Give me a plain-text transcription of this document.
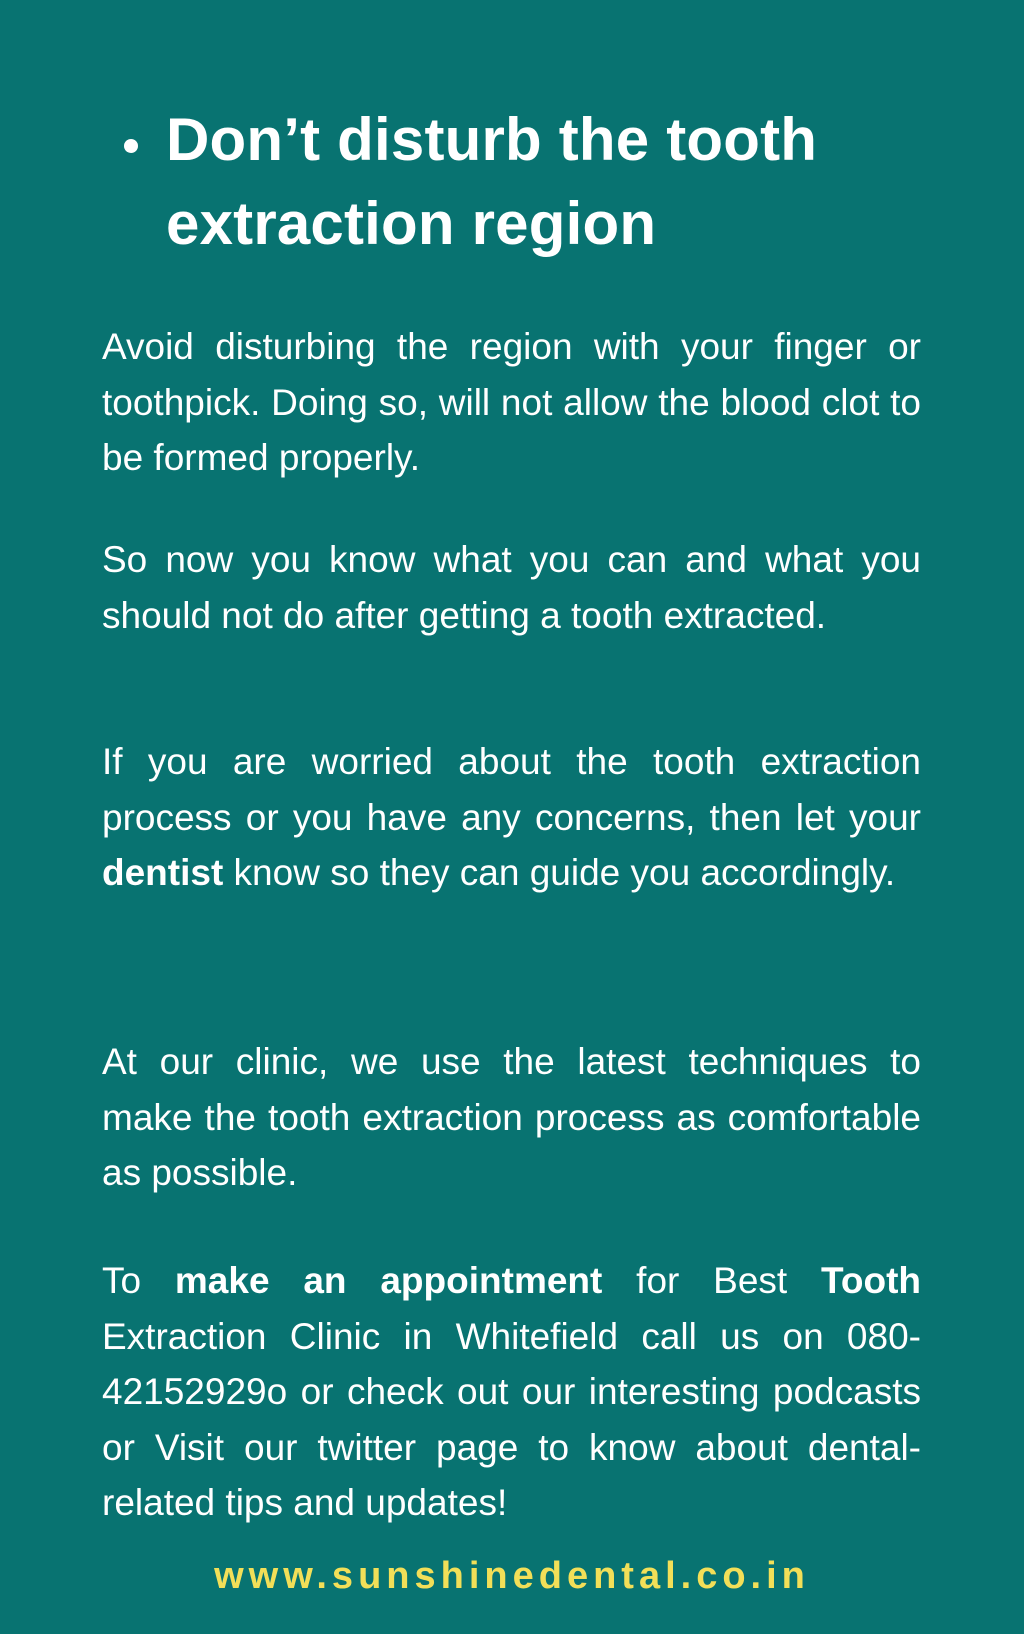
Don’t disturb the tooth extraction region

Avoid disturbing the region with your finger or toothpick. Doing so, will not allow the blood clot to be formed properly.

So now you know what you can and what you should not do after getting a tooth extracted.

If you are worried about the tooth extraction process or you have any concerns, then let your dentist know so they can guide you accordingly.

At our clinic, we use the latest techniques to make the tooth extraction process as comfortable as possible.

To make an appointment for Best Tooth Extraction Clinic in Whitefield call us on 080-42152929o or check out our interesting podcasts or Visit our twitter page to know about dental-related tips and updates!

www.sunshinedental.co.in
